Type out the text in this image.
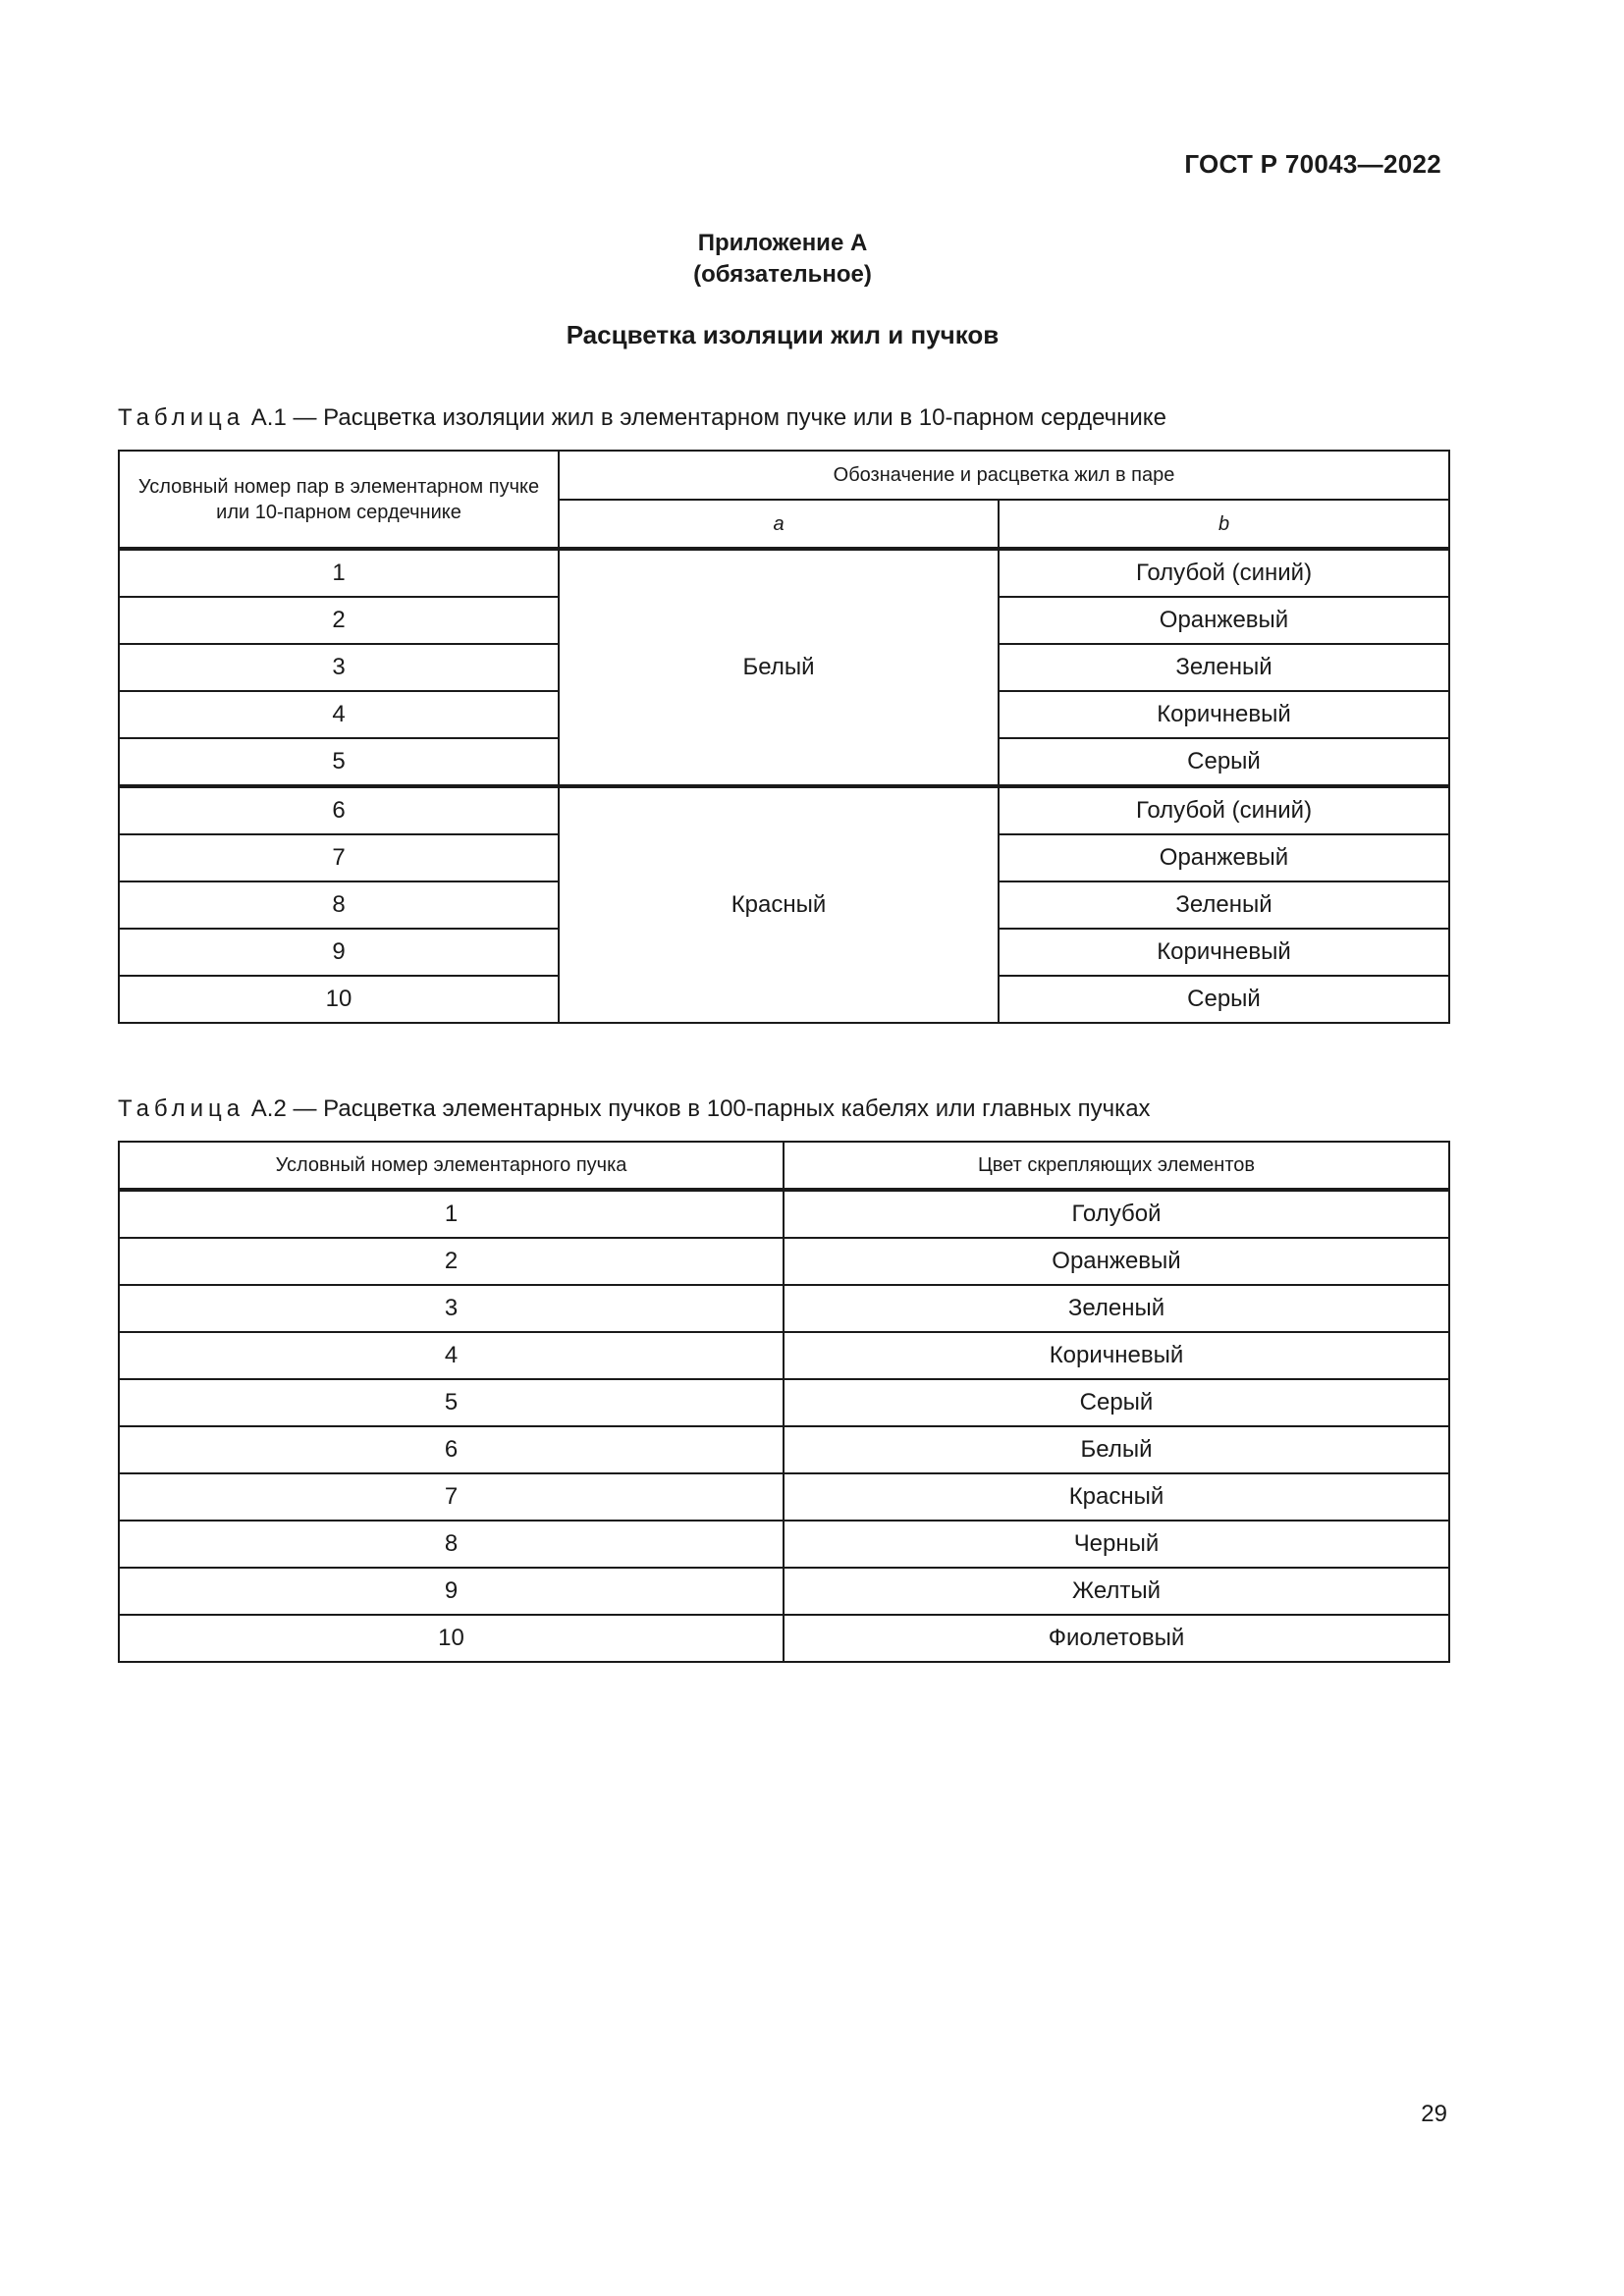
ГОСТ Р 70043—2022
Приложение А
(обязательное)
Расцветка изоляции жил и пучков
Таблица А.1 — Расцветка изоляции жил в элементарном пучке или в 10-парном сердечнике
Условный номер пар в элементарном пучке или 10-парном сердечнике	Обозначение и расцветка жил в паре	
	a	b
1	Белый	Голубой (синий)
2		Оранжевый
3		Зеленый
4		Коричневый
5		Серый
6	Красный	Голубой (синий)
7		Оранжевый
8		Зеленый
9		Коричневый
10		Серый
Таблица А.2 — Расцветка элементарных пучков в 100-парных кабелях или главных пучках
Условный номер элементарного пучка	Цвет скрепляющих элементов
1	Голубой
2	Оранжевый
3	Зеленый
4	Коричневый
5	Серый
6	Белый
7	Красный
8	Черный
9	Желтый
10	Фиолетовый
29
